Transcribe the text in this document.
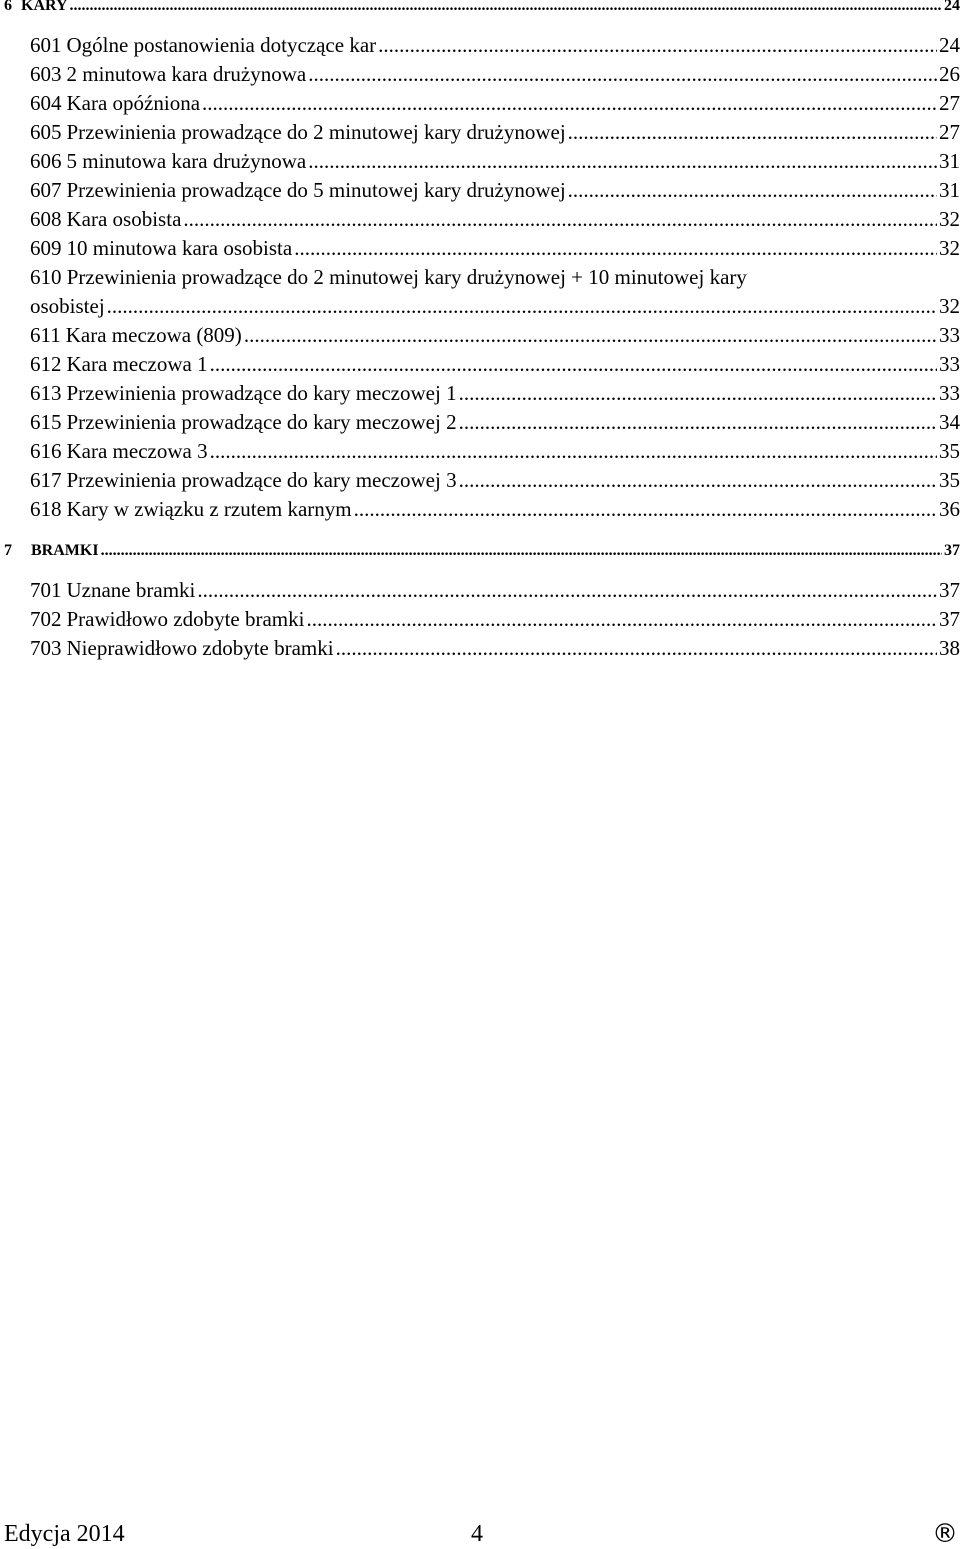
6 KARY .....	24
601 Ogólne postanowienia dotyczące kar .....	24
603 2 minutowa kara drużynowa .....	26
604 Kara opóźniona .....	27
605 Przewinienia prowadzące do 2 minutowej kary drużynowej .....	27
606 5 minutowa kara drużynowa .....	31
607 Przewinienia prowadzące do 5 minutowej kary drużynowej .....	31
608 Kara osobista .....	32
609 10 minutowa kara osobista .....	32
610 Przewinienia prowadzące do 2 minutowej kary drużynowej + 10 minutowej kary
osobistej .....	32
611 Kara meczowa (809) .....	33
612 Kara meczowa 1 .....	33
613 Przewinienia prowadzące do kary meczowej 1 .....	33
615 Przewinienia prowadzące do kary meczowej 2 .....	34
616 Kara meczowa 3 .....	35
617 Przewinienia prowadzące do kary meczowej 3 .....	35
618 Kary w związku z rzutem karnym .....	36
7 BRAMKI .....	37
701 Uznane bramki .....	37
702 Prawidłowo zdobyte bramki .....	37
703 Nieprawidłowo zdobyte bramki .....	38
Edycja 2014	4	®
